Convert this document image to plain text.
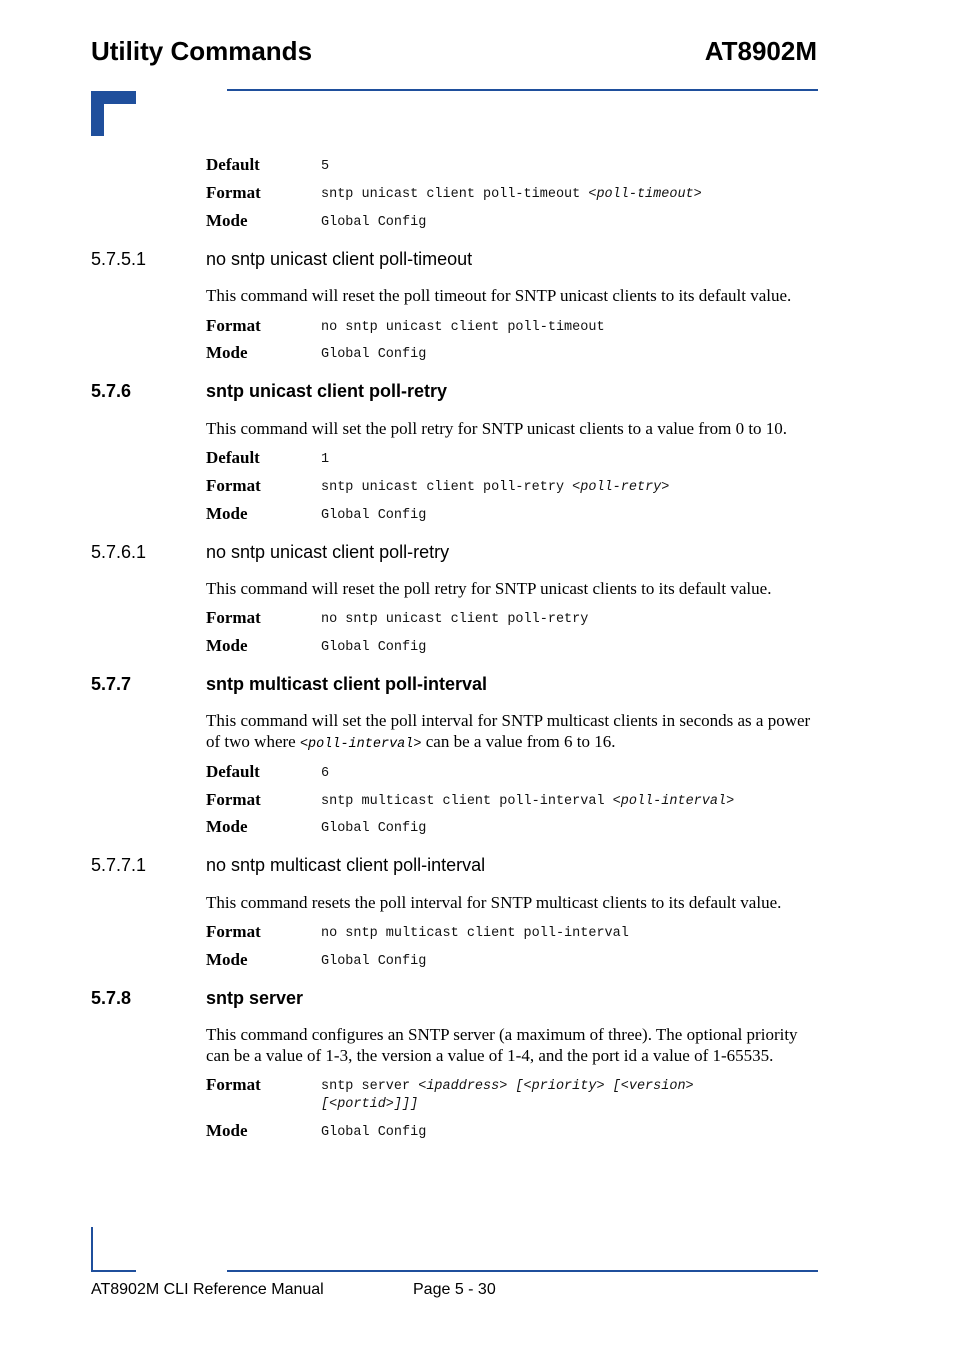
Utility Commands	AT8902M
Default	5
Format	sntp unicast client poll-timeout <poll-timeout>
Mode	Global Config
5.7.5.1	no sntp unicast client poll-timeout
This command will reset the poll timeout for SNTP unicast clients to its default value.
Format	no sntp unicast client poll-timeout
Mode	Global Config
5.7.6	sntp unicast client poll-retry
This command will set the poll retry for SNTP unicast clients to a value from 0 to 10.
Default	1
Format	sntp unicast client poll-retry <poll-retry>
Mode	Global Config
5.7.6.1	no sntp unicast client poll-retry
This command will reset the poll retry for SNTP unicast clients to its default value.
Format	no sntp unicast client poll-retry
Mode	Global Config
5.7.7	sntp multicast client poll-interval
This command will set the poll interval for SNTP multicast clients in seconds as a power of two where <poll-interval> can be a value from 6 to 16.
Default	6
Format	sntp multicast client poll-interval <poll-interval>
Mode	Global Config
5.7.7.1	no sntp multicast client poll-interval
This command resets the poll interval for SNTP multicast clients to its default value.
Format	no sntp multicast client poll-interval
Mode	Global Config
5.7.8	sntp server
This command configures an SNTP server (a maximum of three). The optional priority can be a value of 1-3, the version a value of 1-4, and the port id a value of 1-65535.
Format	sntp server <ipaddress> [<priority> [<version>
[<portid>]]]
Mode	Global Config
AT8902M CLI Reference Manual	Page 5 - 30
